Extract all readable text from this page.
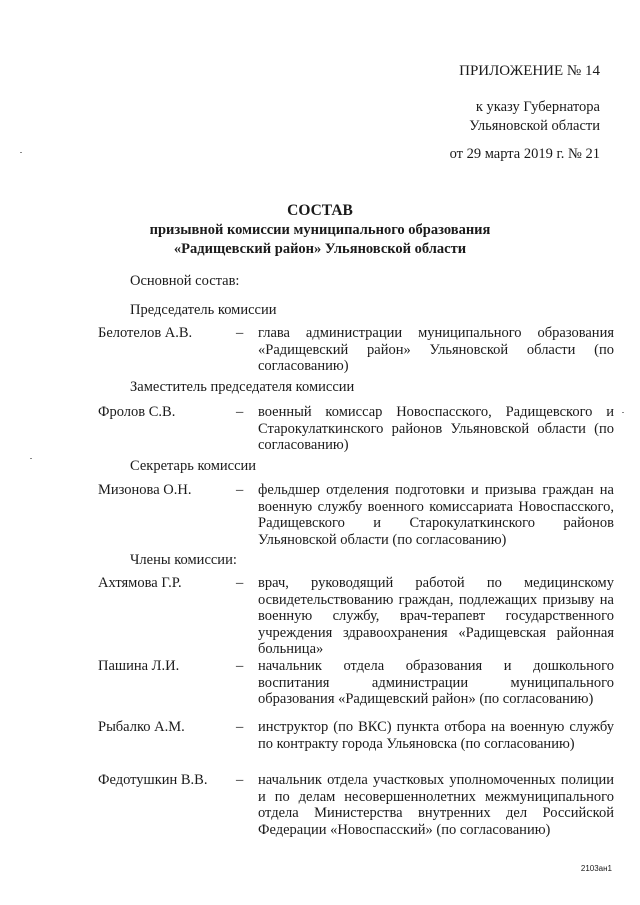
ПРИЛОЖЕНИЕ № 14
к указу Губернатора
Ульяновской области
от 29 марта 2019 г. № 21
СОСТАВ
призывной комиссии муниципального образования
«Радищевский район» Ульяновской области
Основной состав:
Председатель комиссии
Белотелов А.В.	– глава администрации муниципального образования «Радищевский район» Ульяновской области (по согласованию)
Заместитель председателя комиссии
Фролов С.В.	– военный комиссар Новоспасского, Радищевского и Старокулаткинского районов Ульяновской области (по согласованию)
Секретарь комиссии
Мизонова О.Н.	– фельдшер отделения подготовки и призыва граждан на военную службу военного комиссариата Новоспасского, Радищевского и Старокулаткинского районов Ульяновской области (по согласованию)
Члены комиссии:
Ахтямова Г.Р.	– врач, руководящий работой по медицинскому освидетельствованию граждан, подлежащих призыву на военную службу, врач-терапевт государственного учреждения здравоохранения «Радищевская районная больница»
Пашина Л.И.	– начальник отдела образования и дошкольного воспитания администрации муниципального образования «Радищевский район» (по согласованию)
Рыбалко А.М.	– инструктор (по ВКС) пункта отбора на военную службу по контракту города Ульяновска (по согласованию)
Федотушкин В.В. – начальник отдела участковых уполномоченных полиции и по делам несовершеннолетних межмуниципального отдела Министерства внутренних дел Российской Федерации «Новоспасский» (по согласованию)
2103ан1
